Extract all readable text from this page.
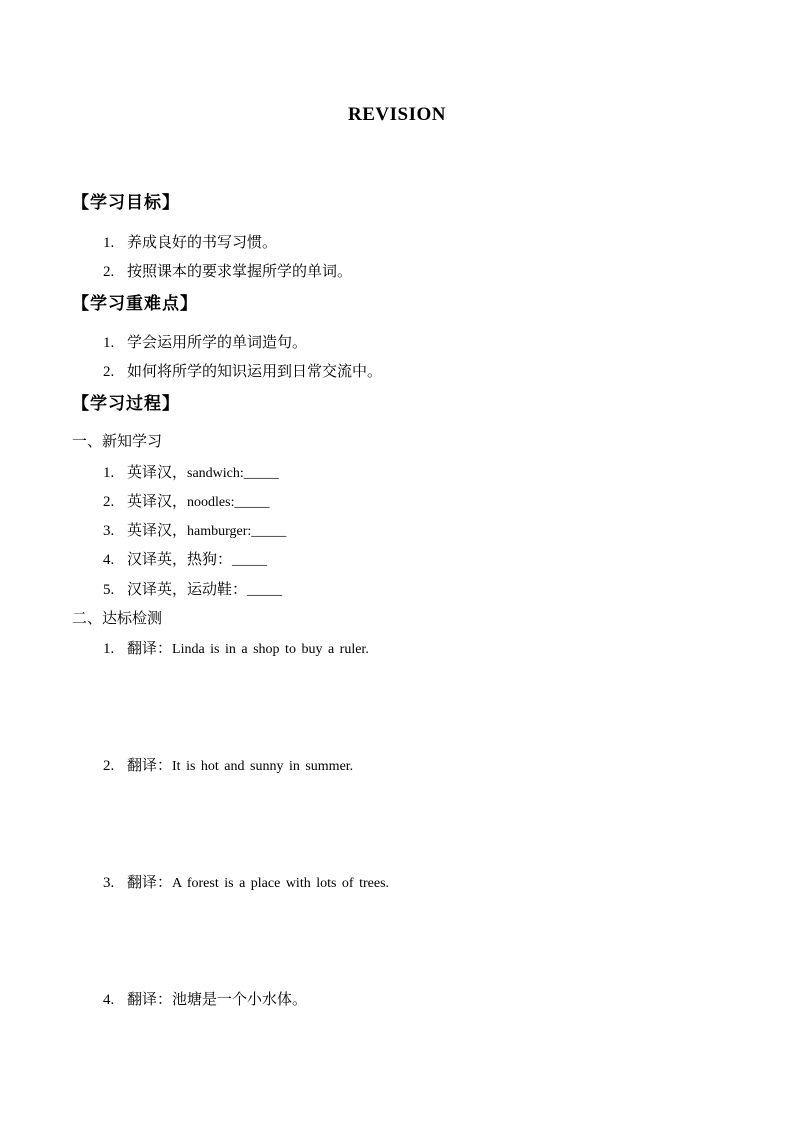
REVISION
【学习目标】
1. 养成良好的书写习惯。
2. 按照课本的要求掌握所学的单词。
【学习重难点】
1. 学会运用所学的单词造句。
2. 如何将所学的知识运用到日常交流中。
【学习过程】
一、新知学习
1. 英译汉，sandwich:_____
2. 英译汉，noodles:_____
3. 英译汉，hamburger:_____
4. 汉译英，热狗：_____
5. 汉译英，运动鞋：_____
二、达标检测
1. 翻译：Linda is in a shop to buy a ruler.
2. 翻译：It is hot and sunny in summer.
3. 翻译：A forest is a place with lots of trees.
4. 翻译：池塘是一个小水体。
